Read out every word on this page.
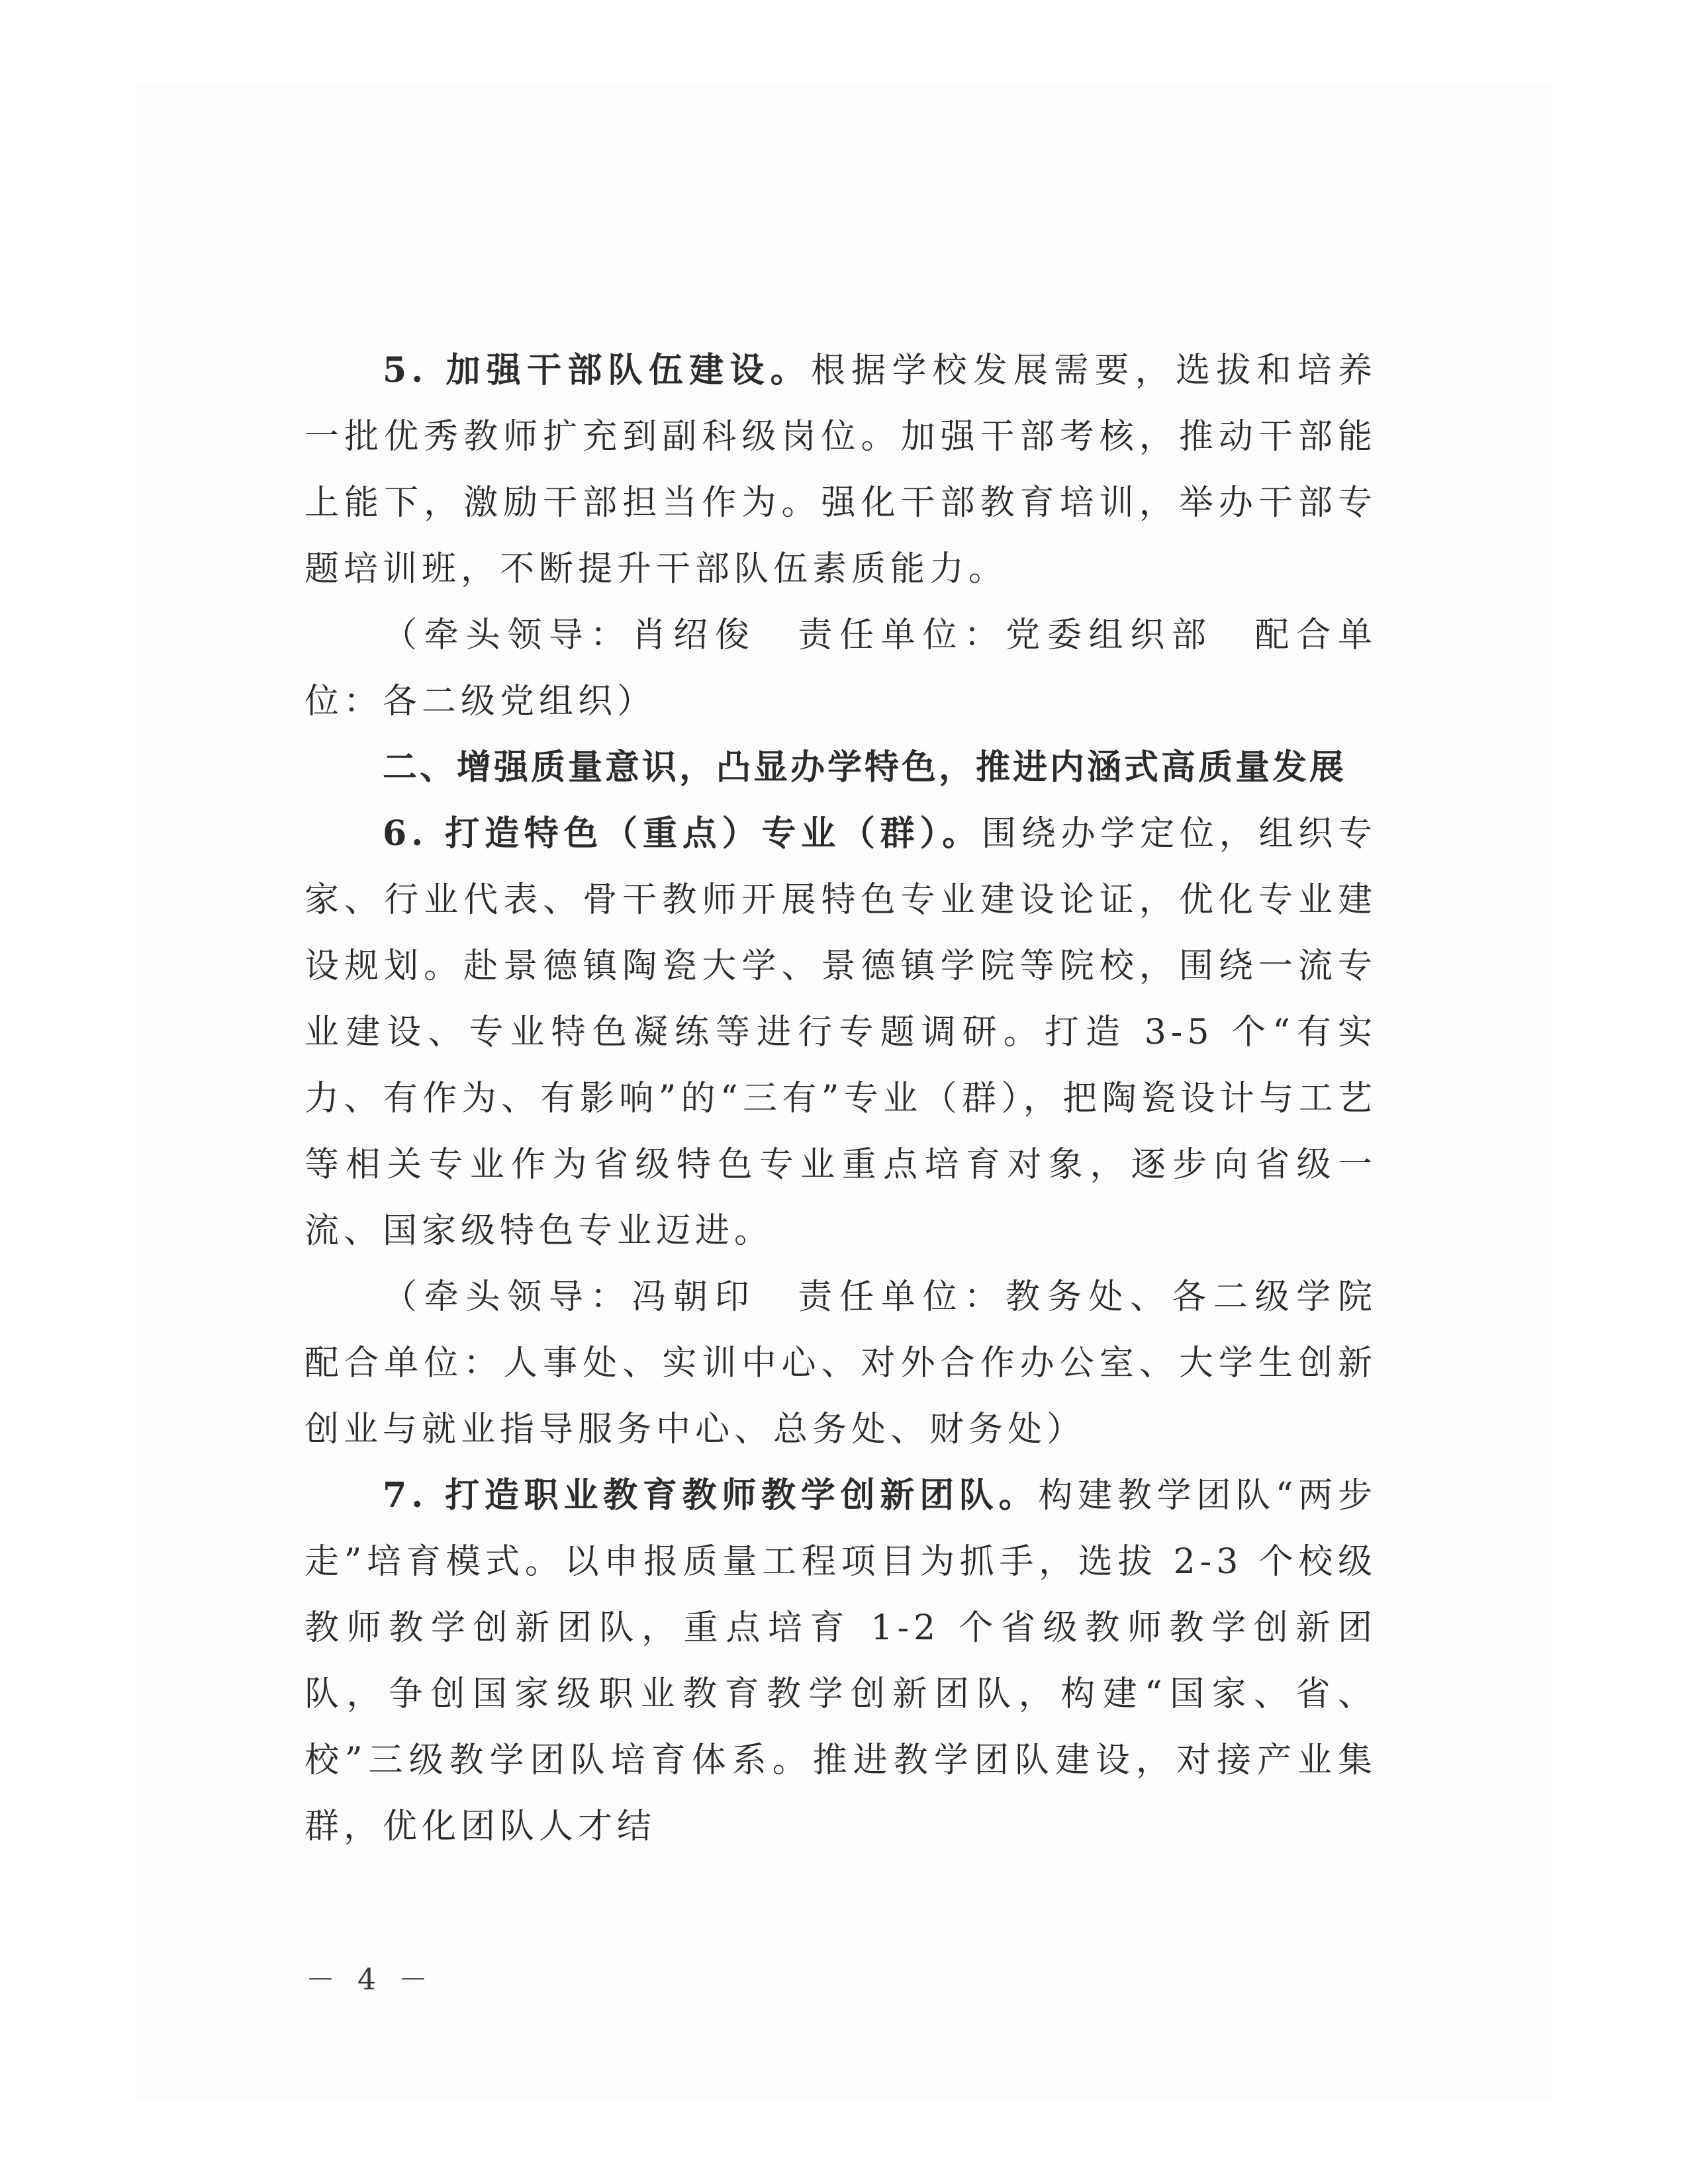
5. 加强干部队伍建设。根据学校发展需要，选拔和培养一批优秀教师扩充到副科级岗位。加强干部考核，推动干部能上能下，激励干部担当作为。强化干部教育培训，举办干部专题培训班，不断提升干部队伍素质能力。

（牵头领导：肖绍俊　责任单位：党委组织部　配合单位：各二级党组织）

二、增强质量意识，凸显办学特色，推进内涵式高质量发展

6. 打造特色（重点）专业（群）。围绕办学定位，组织专家、行业代表、骨干教师开展特色专业建设论证，优化专业建设规划。赴景德镇陶瓷大学、景德镇学院等院校，围绕一流专业建设、专业特色凝练等进行专题调研。打造 3-5 个“有实力、有作为、有影响”的“三有”专业（群），把陶瓷设计与工艺等相关专业作为省级特色专业重点培育对象，逐步向省级一流、国家级特色专业迈进。

（牵头领导：冯朝印　责任单位：教务处、各二级学院　配合单位：人事处、实训中心、对外合作办公室、大学生创新创业与就业指导服务中心、总务处、财务处）

7. 打造职业教育教师教学创新团队。构建教学团队“两步走”培育模式。以申报质量工程项目为抓手，选拔 2-3 个校级教师教学创新团队，重点培育 1-2 个省级教师教学创新团队，争创国家级职业教育教学创新团队，构建“国家、省、校”三级教学团队培育体系。推进教学团队建设，对接产业集群，优化团队人才结

－ 4 －
